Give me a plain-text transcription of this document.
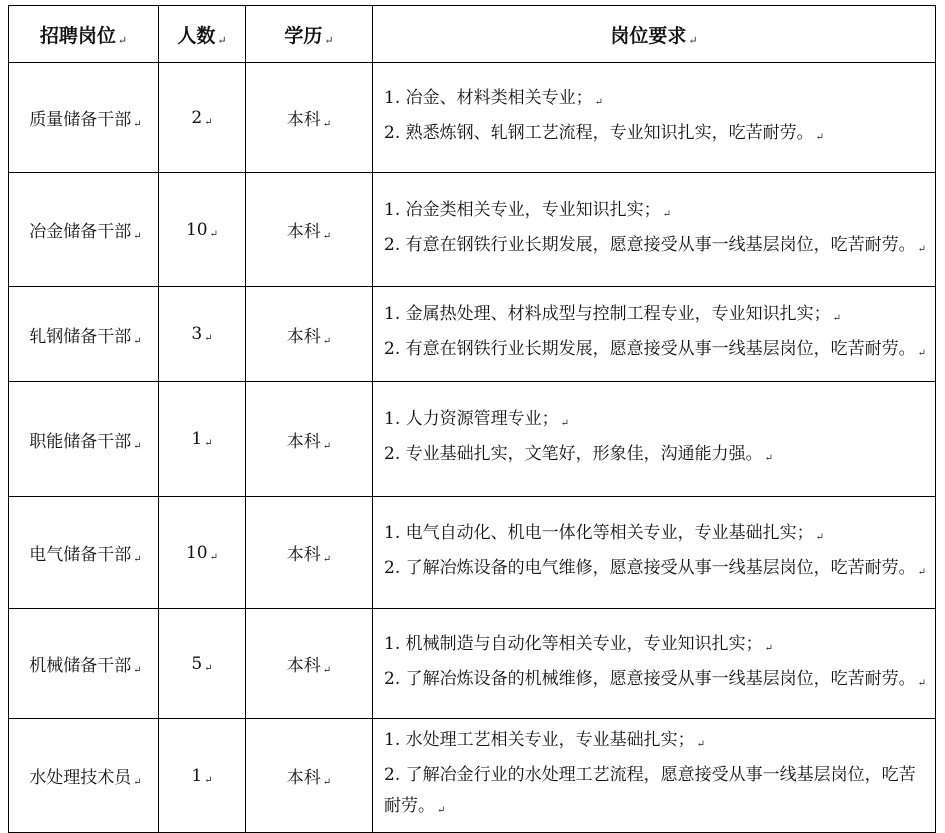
招聘岗位 ↵	人数 ↵	学历 ↵	岗位要求 ↵
质量储备干部 ↵	2 ↵	本科 ↵	1. 冶金、材料类相关专业； ↵
2. 熟悉炼钢、轧钢工艺流程，专业知识扎实，吃苦耐劳。 ↵

冶金储备干部 ↵	10 ↵	本科 ↵	1. 冶金类相关专业，专业知识扎实； ↵
2. 有意在钢铁行业长期发展，愿意接受从事一线基层岗位，吃苦耐劳。 ↵

轧钢储备干部 ↵	3 ↵	本科 ↵	1. 金属热处理、材料成型与控制工程专业，专业知识扎实； ↵
2. 有意在钢铁行业长期发展，愿意接受从事一线基层岗位，吃苦耐劳。 ↵

职能储备干部 ↵	1 ↵	本科 ↵	1. 人力资源管理专业； ↵
2. 专业基础扎实，文笔好，形象佳，沟通能力强。 ↵

电气储备干部 ↵	10 ↵	本科 ↵	1. 电气自动化、机电一体化等相关专业，专业基础扎实； ↵
2. 了解冶炼设备的电气维修，愿意接受从事一线基层岗位，吃苦耐劳。 ↵

机械储备干部 ↵	5 ↵	本科 ↵	1. 机械制造与自动化等相关专业，专业知识扎实； ↵
2. 了解冶炼设备的机械维修，愿意接受从事一线基层岗位，吃苦耐劳。 ↵

水处理技术员 ↵	1 ↵	本科 ↵	1. 水处理工艺相关专业，专业基础扎实； ↵
2. 了解冶金行业的水处理工艺流程，愿意接受从事一线基层岗位，吃苦耐劳。 ↵
